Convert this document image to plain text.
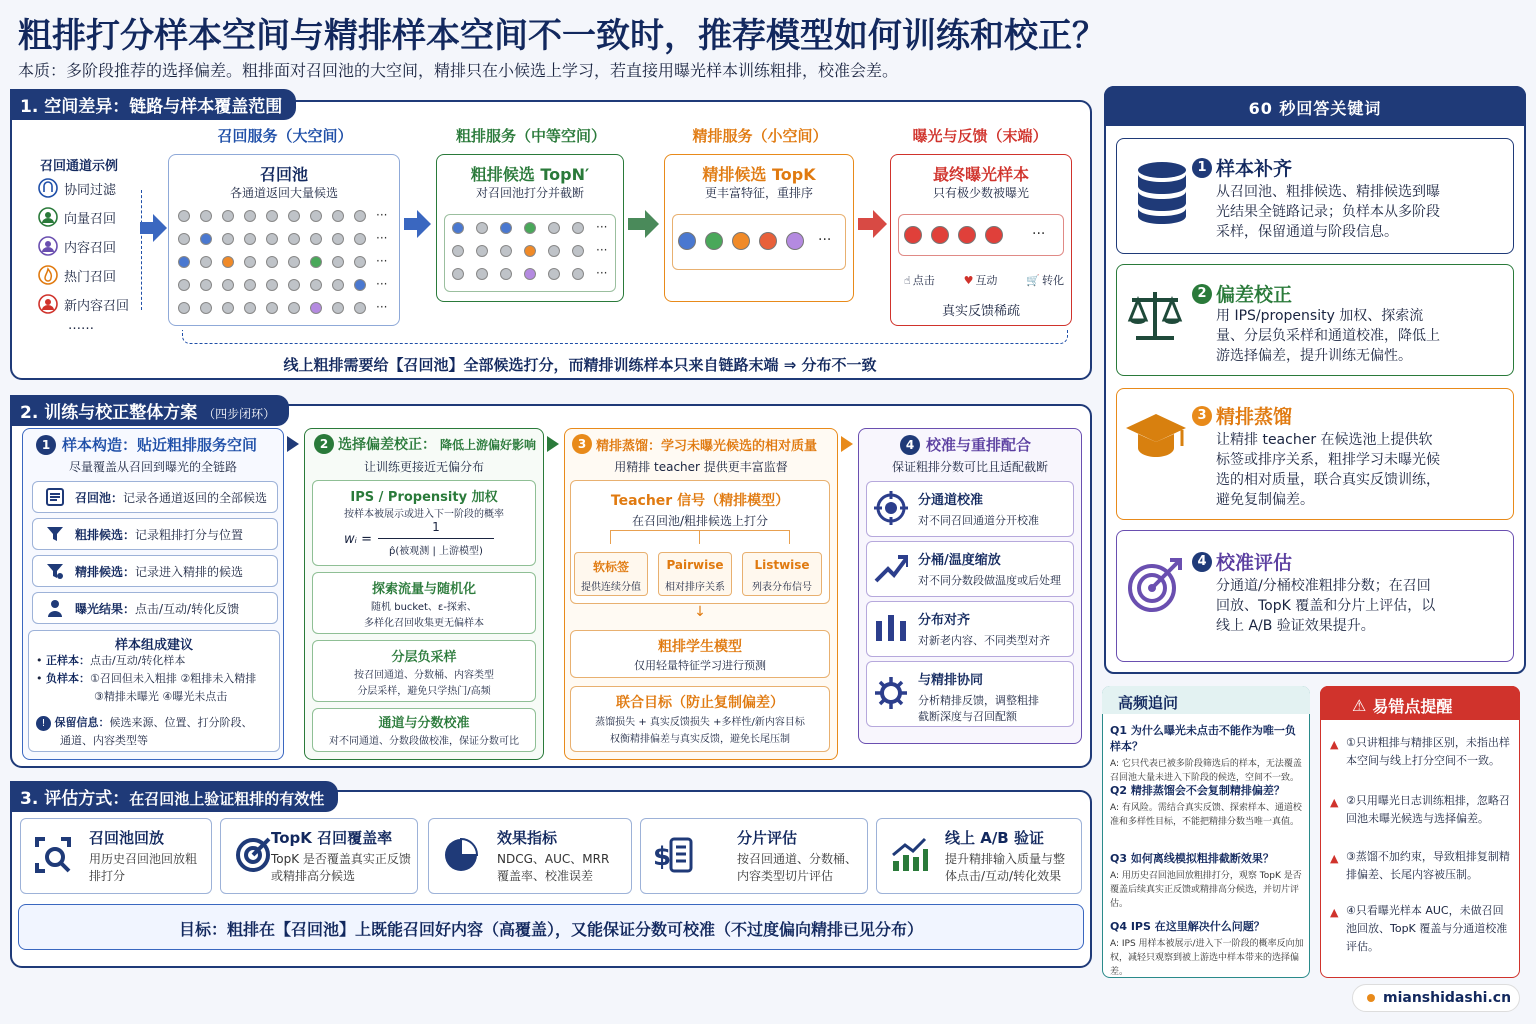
粗排打分样本空间与精排样本空间不一致时，推荐模型如何训练和校正？
本质：多阶段推荐的选择偏差。粗排面对召回池的大空间，精排只在小候选上学习，若直接用曝光样本训练粗排，校准会差。
1. 空间差异：链路与样本覆盖范围
召回通道示例
协同过滤
向量召回
内容召回
热门召回
新内容召回
……
召回服务（大空间）	粗排服务（中等空间）	精排服务（小空间）	曝光与反馈（末端）
召回池
各通道返回大量候选
···
···
···
···
···
粗排候选 TopN′
对召回池打分并截断
···
···
···
精排候选 TopK
更丰富特征，重排序
···
最终曝光样本
只有极少数被曝光
···
☝ 点击	♥ 互动	🛒 转化
真实反馈稀疏
线上粗排需要给【召回池】全部候选打分，而精排训练样本只来自链路末端 ⇒ 分布不一致
2. 训练与校正整体方案 （四步闭环）
1 样本构造：贴近粗排服务空间
尽量覆盖从召回到曝光的全链路
召回池：记录各通道返回的全部候选
粗排候选：记录粗排打分与位置
精排候选：记录进入精排的候选
曝光结果：点击/互动/转化反馈
样本组成建议
• 正样本：点击/互动/转化样本
• 负样本：①召回但未入粗排 ②粗排未入精排
③精排未曝光 ④曝光未点击
! 保留信息：候选来源、位置、打分阶段、
通道、内容类型等
2 选择偏差校正： 降低上游偏好影响
让训练更接近无偏分布
IPS / Propensity 加权
按样本被展示或进入下一阶段的概率
wᵢ =
1
p̂(被观测 | 上游模型)
探索流量与随机化
随机 bucket、ε-探索、
多样化召回收集更无偏样本
分层负采样
按召回通道、分数桶、内容类型
分层采样，避免只学热门/高频
通道与分数校准
对不同通道、分数段做校准，保证分数可比
3 精排蒸馏：学习未曝光候选的相对质量
用精排 teacher 提供更丰富监督
Teacher 信号（精排模型）
在召回池/粗排候选上打分
软标签
提供连续分值
Pairwise
相对排序关系
Listwise
列表分布信号
↓
粗排学生模型
仅用轻量特征学习进行预测
联合目标（防止复制偏差）
蒸馏损失 + 真实反馈损失 +多样性/新内容目标
权衡精排偏差与真实反馈，避免长尾压制
4 校准与重排配合
保证粗排分数可比且适配截断
分通道校准
对不同召回通道分开校准
分桶/温度缩放
对不同分数段做温度或后处理
分布对齐
对新老内容、不同类型对齐
与精排协同
分析精排反馈，调整粗排
截断深度与召回配额
3. 评估方式：在召回池上验证粗排的有效性
召回池回放
用历史召回池回放粗排打分
TopK 召回覆盖率
TopK 是否覆盖真实正反馈或精排高分候选
效果指标
NDCG、AUC、MRR覆盖率、校准误差
$
分片评估
按召回通道、分数桶、内容类型切片评估
线上 A/B 验证
提升精排输入质量与整体点击/互动/转化效果
目标：粗排在【召回池】上既能召回好内容（高覆盖），又能保证分数可校准（不过度偏向精排已见分布）
60 秒回答关键词
1 样本补齐
从召回池、粗排候选、精排候选到曝光结果全链路记录；负样本从多阶段采样，保留通道与阶段信息。
2 偏差校正
用 IPS/propensity 加权、探索流量、分层负采样和通道校准，降低上游选择偏差，提升训练无偏性。
3 精排蒸馏
让精排 teacher 在候选池上提供软标签或排序关系，粗排学习未曝光候选的相对质量，联合真实反馈训练，避免复制偏差。
4 校准评估
分通道/分桶校准粗排分数；在召回回放、TopK 覆盖和分片上评估，以线上 A/B 验证效果提升。
高频追问
Q1 为什么曝光未点击不能作为唯一负样本？
A: 它只代表已被多阶段筛选后的样本，无法覆盖召回池大量未进入下阶段的候选，空间不一致。
Q2 精排蒸馏会不会复制精排偏差？
A: 有风险。需结合真实反馈、探索样本、通道校准和多样性目标，不能把精排分数当唯一真值。
Q3 如何离线模拟粗排截断效果？
A: 用历史召回池回放粗排打分，观察 TopK 是否覆盖后续真实正反馈或精排高分候选，并切片评估。
Q4 IPS 在这里解决什么问题？
A: IPS 用样本被展示/进入下一阶段的概率反向加权，减轻只观察到被上游选中样本带来的选择偏差。
⚠ 易错点提醒
▲ ①只讲粗排与精排区别，未指出样本空间与线上打分空间不一致。
▲ ②只用曝光日志训练粗排，忽略召回池未曝光候选与选择偏差。
▲ ③蒸馏不加约束，导致粗排复制精排偏差、长尾内容被压制。
▲ ④只看曝光样本 AUC，未做召回池回放、TopK 覆盖与分通道校准评估。
mianshidashi.cn
